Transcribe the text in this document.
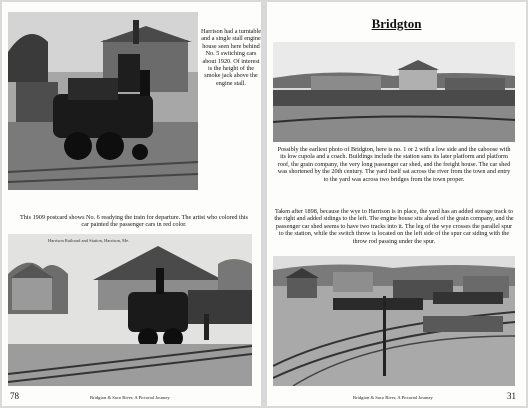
Harrison had a turntable and a single stall engine house seen here behind No. 5 switching cars about 1920. Of interest is the height of the smoke jack above the engine stall.
This 1909 postcard shows No. 6 readying the train for departure. The artist who colored this car painted the passenger cars in red color.
Harrison Railroad and Station, Harrison, Me.
78	Bridgton & Saco River, A Pictorial Journey
Bridgton
Possibly the earliest photo of Bridgton, here is no. 1 or 2 with a low side and the caboose with its low cupola and a coach. Buildings include the station sans its later platform and platform roof, the grain company, the very long passenger car shed, and the freight house. The car shed was shortened by the 20th century. The yard itself sat across the river from the town and entry to the yard was across two bridges from the town proper.
Taken after 1898, because the wye to Harrison is in place, the yard has an added storage track to the right and added sidings to the left. The engine house sits ahead of the grain company, and the passenger car shed seems to have two tracks into it. The leg of the wye crosses the parallel spur to the station, while the switch throw is located on the left side of the spur car siding with the throw rod passing under the spur.
Bridgton & Saco River, A Pictorial Journey	31
